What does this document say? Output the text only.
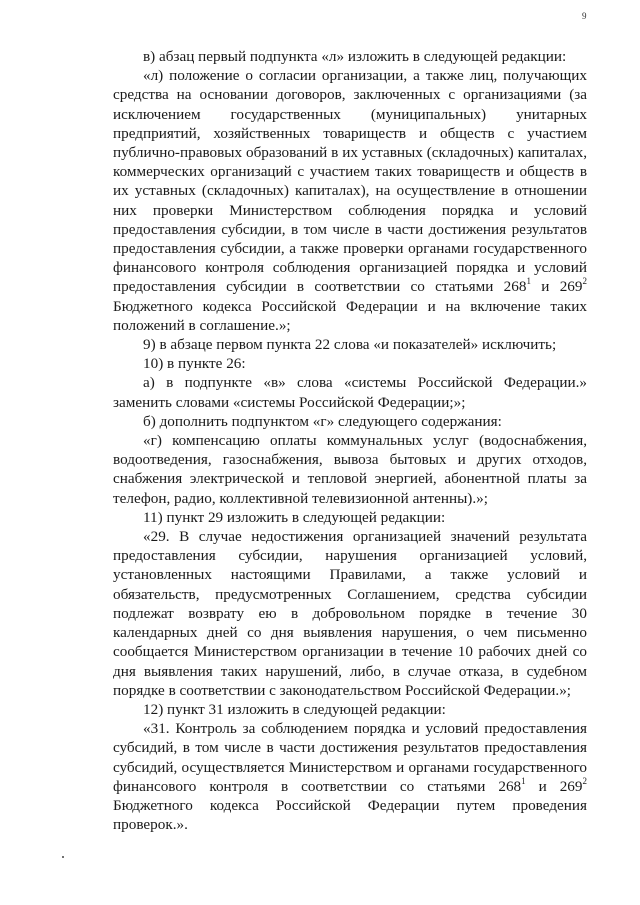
9

в) абзац первый подпункта «л» изложить в следующей редакции:

«л) положение о согласии организации, а также лиц, получающих средства на основании договоров, заключенных с организациями (за исключением государственных (муниципальных) унитарных предприятий, хозяйственных товариществ и обществ с участием публично-правовых образований в их уставных (складочных) капиталах, коммерческих организаций с участием таких товариществ и обществ в их уставных (складочных) капиталах), на осуществление в отношении них проверки Министерством соблюдения порядка и условий предоставления субсидии, в том числе в части достижения результатов предоставления субсидии, а также проверки органами государственного финансового контроля соблюдения организацией порядка и условий предоставления субсидии в соответствии со статьями $268^1$ и $269^2$ Бюджетного кодекса Российской Федерации и на включение таких положений в соглашение.»;

9) в абзаце первом пункта 22 слова «и показателей» исключить;

10) в пункте 26:

а) в подпункте «в» слова «системы Российской Федерации.» заменить словами «системы Российской Федерации;»;

б) дополнить подпунктом «г» следующего содержания:

«г) компенсацию оплаты коммунальных услуг (водоснабжения, водоотведения, газоснабжения, вывоза бытовых и других отходов, снабжения электрической и тепловой энергией, абонентной платы за телефон, радио, коллективной телевизионной антенны).»;

11) пункт 29 изложить в следующей редакции:

«29. В случае недостижения организацией значений результата предоставления субсидии, нарушения организацией условий, установленных настоящими Правилами, а также условий и обязательств, предусмотренных Соглашением, средства субсидии подлежат возврату ею в добровольном порядке в течение 30 календарных дней со дня выявления нарушения, о чем письменно сообщается Министерством организации в течение 10 рабочих дней со дня выявления таких нарушений, либо, в случае отказа, в судебном порядке в соответствии с законодательством Российской Федерации.»;

12) пункт 31 изложить в следующей редакции:

«31. Контроль за соблюдением порядка и условий предоставления субсидий, в том числе в части достижения результатов предоставления субсидий, осуществляется Министерством и органами государственного финансового контроля в соответствии со статьями $268^1$ и $269^2$ Бюджетного кодекса Российской Федерации путем проведения проверок.».
